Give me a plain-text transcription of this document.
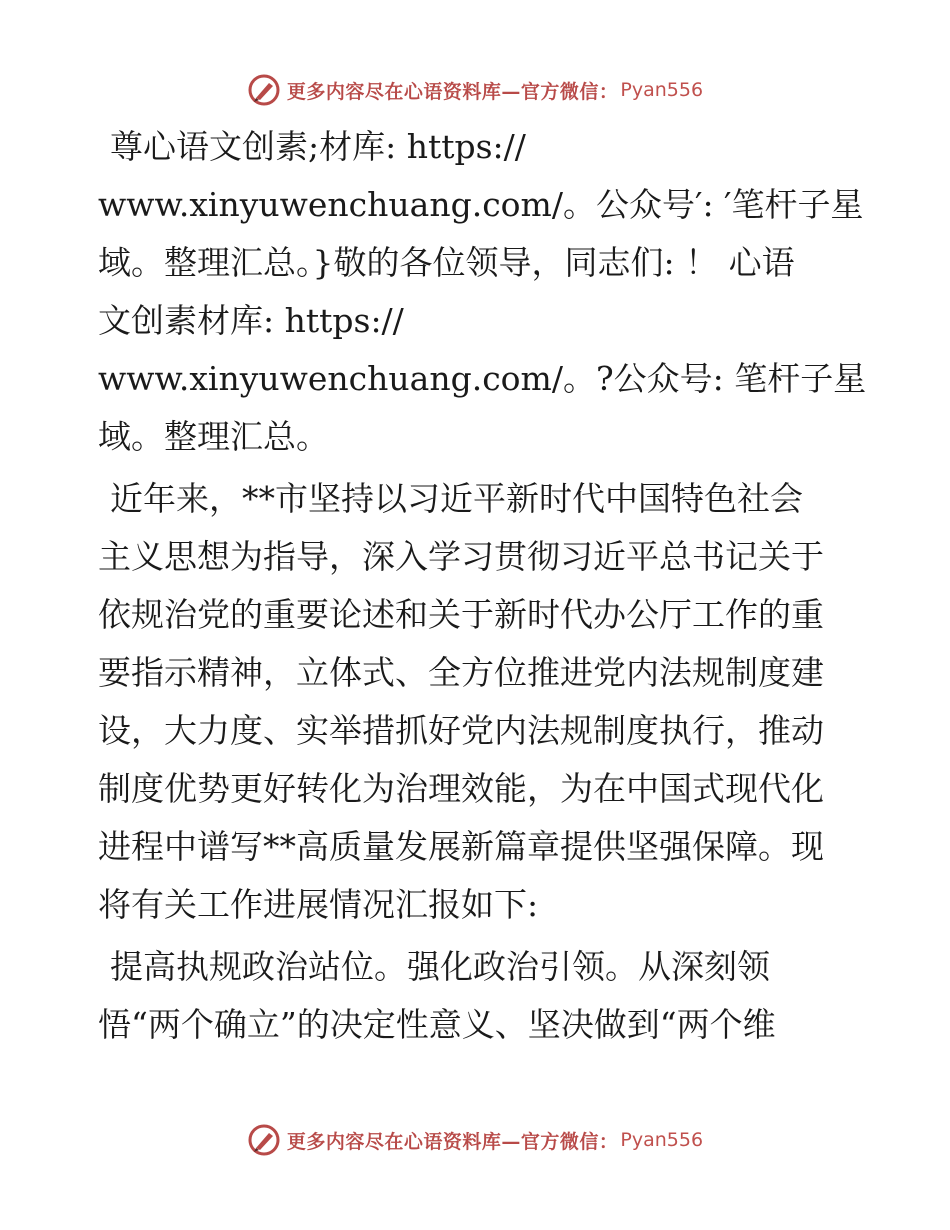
更多内容尽在心语资料库—官方微信： Pyan556
尊心语文创素;材库: https://
www.xinyuwenchuang.com/。公众号′: ′笔杆子星
域。整理汇总。}敬的各位领导，同志们: ！ 心语
文创素材库: https://
www.xinyuwenchuang.com/。?公众号: 笔杆子星
域。整理汇总。
近年来，**市坚持以习近平新时代中国特色社会
主义思想为指导，深入学习贯彻习近平总书记关于
依规治党的重要论述和关于新时代办公厅工作的重
要指示精神，立体式、全方位推进党内法规制度建
设，大力度、实举措抓好党内法规制度执行，推动
制度优势更好转化为治理效能，为在中国式现代化
进程中谱写**高质量发展新篇章提供坚强保障。现
将有关工作进展情况汇报如下:
提高执规政治站位。强化政治引领。从深刻领
悟“两个确立”的决定性意义、坚决做到“两个维
更多内容尽在心语资料库—官方微信： Pyan556
